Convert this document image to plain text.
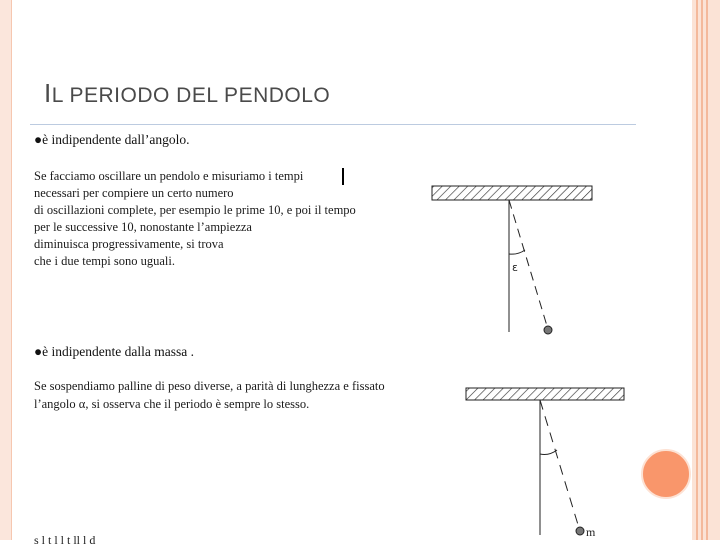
IL PERIODO DEL PENDOLO
●è indipendente dall’angolo.
Se facciamo oscillare un pendolo e misuriamo i tempi
necessari per compiere un certo numero
di oscillazioni complete, per esempio le prime 10, e poi il tempo
per le successive 10, nonostante l’ampiezza
diminuisca progressivamente, si trova
che i due tempi sono uguali.
●è indipendente dalla massa .
Se sospendiamo palline di peso diverse, a parità di lunghezza e fissato
l’angolo α, si osserva che il periodo è sempre lo stesso.
s l t l l t ll l d
ε
m
